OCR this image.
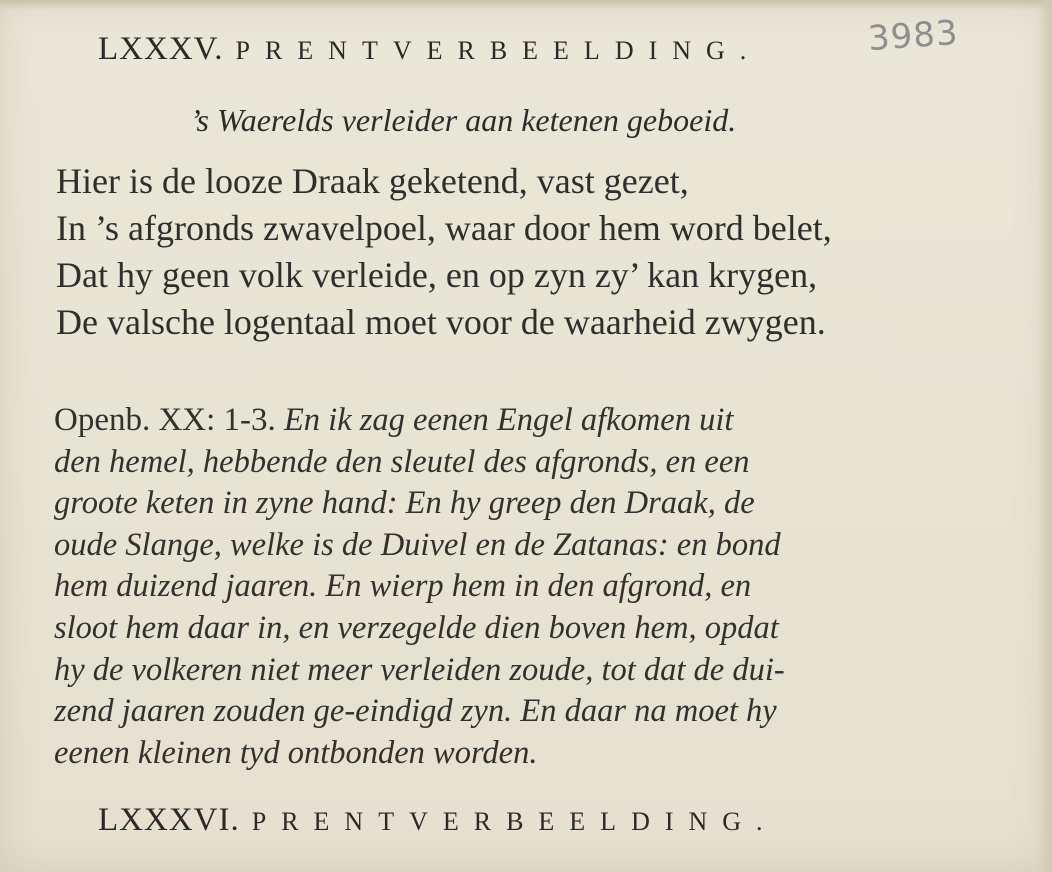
3983
LXXXV. PRENTVERBEELDING.
’s Waerelds verleider aan ketenen geboeid.
Hier is de looze Draak geketend, vast gezet,
In ’s afgronds zwavelpoel, waar door hem word belet,
Dat hy geen volk verleide, en op zyn zy’ kan krygen,
De valsche logentaal moet voor de waarheid zwygen.
Openb. XX: 1-3. En ik zag eenen Engel afkomen uit
den hemel, hebbende den sleutel des afgronds, en een
groote keten in zyne hand: En hy greep den Draak, de
oude Slange, welke is de Duivel en de Zatanas: en bond
hem duizend jaaren. En wierp hem in den afgrond, en
sloot hem daar in, en verzegelde dien boven hem, opdat
hy de volkeren niet meer verleiden zoude, tot dat de dui-
zend jaaren zouden ge-eindigd zyn. En daar na moet hy
eenen kleinen tyd ontbonden worden.
LXXXVI. PRENTVERBEELDING.
